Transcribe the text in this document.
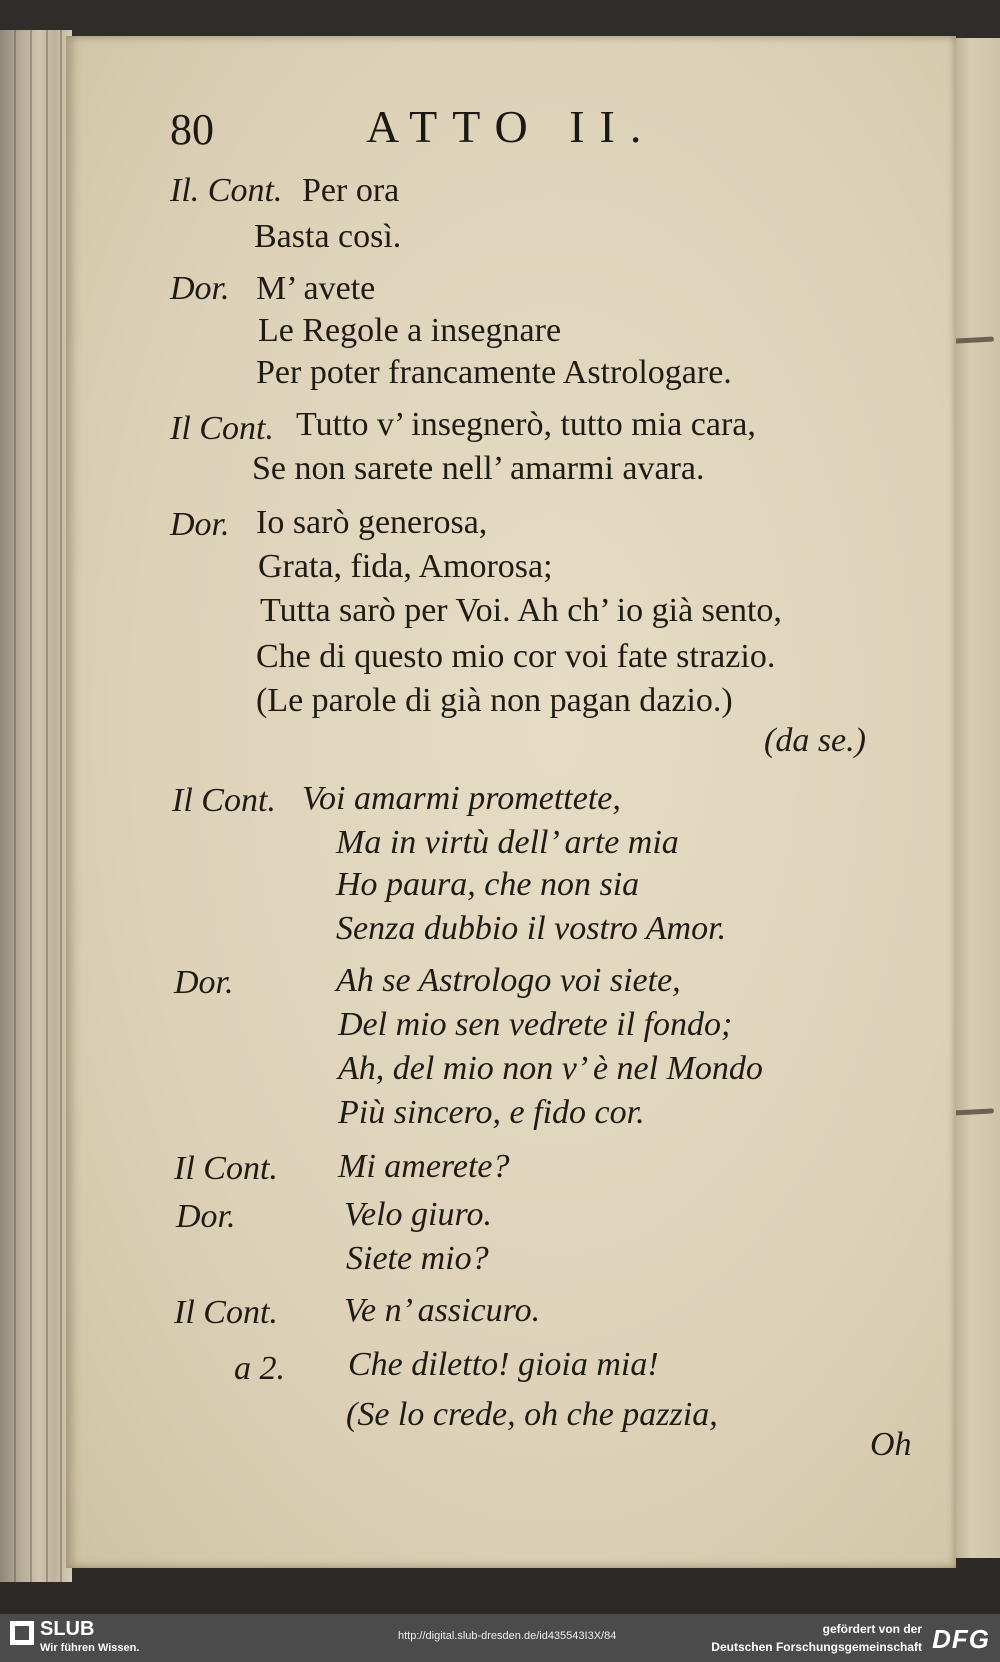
80	ATTO II.
Il. Cont. Per ora
Basta così.
Dor. M’ avete
Le Regole a insegnare
Per poter francamente Astrologare.
Il Cont. Tutto v’ insegnerò, tutto mia cara,
Se non sarete nell’ amarmi avara.
Dor. Io sarò generosa,
Grata, fida, Amorosa;
Tutta sarò per Voi. Ah ch’ io già sento,
Che di questo mio cor voi fate strazio.
(Le parole di già non pagan dazio.)
(da se.)
Il Cont. Voi amarmi promettete,
Ma in virtù dell’ arte mia
Ho paura, che non sia
Senza dubbio il vostro Amor.
Dor.	Ah se Astrologo voi siete,
Del mio sen vedrete il fondo;
Ah, del mio non v’ è nel Mondo
Più sincero, e fido cor.
Il Cont. Mi amerete?
Dor.	Velo giuro.
Siete mio?
Il Cont. Ve n’ assicuro.
a 2. Che diletto! gioia mia!
(Se lo crede, oh che pazzia,
Oh
SLUB
Wir führen Wissen.
http://digital.slub-dresden.de/id435543I3X/84	gefördert von der
Deutschen Forschungsgemeinschaft DFG
